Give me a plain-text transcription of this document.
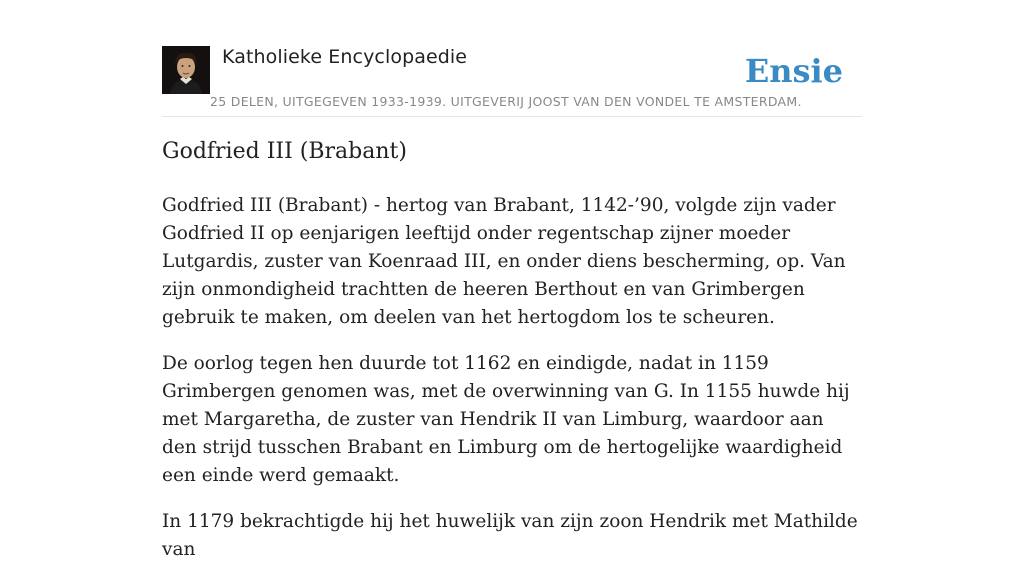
Katholieke Encyclopaedie
25 DELEN, UITGEGEVEN 1933-1939. UITGEVERIJ JOOST VAN DEN VONDEL TE AMSTERDAM.
Ensie
Godfried III (Brabant)

Godfried III (Brabant) - hertog van Brabant, 1142-’90, volgde zijn vader Godfried II op eenjarigen leeftijd onder regentschap zijner moeder Lutgardis, zuster van Koenraad III, en onder diens bescherming, op. Van zijn onmondigheid trachtten de heeren Berthout en van Grimbergen gebruik te maken, om deelen van het hertogdom los te scheuren.

De oorlog tegen hen duurde tot 1162 en eindigde, nadat in 1159 Grimbergen genomen was, met de overwinning van G. In 1155 huwde hij met Margaretha, de zuster van Hendrik II van Limburg, waardoor aan den strijd tusschen Brabant en Limburg om de hertogelijke waardigheid een einde werd gemaakt.

In 1179 bekrachtigde hij het huwelijk van zijn zoon Hendrik met Mathilde van
